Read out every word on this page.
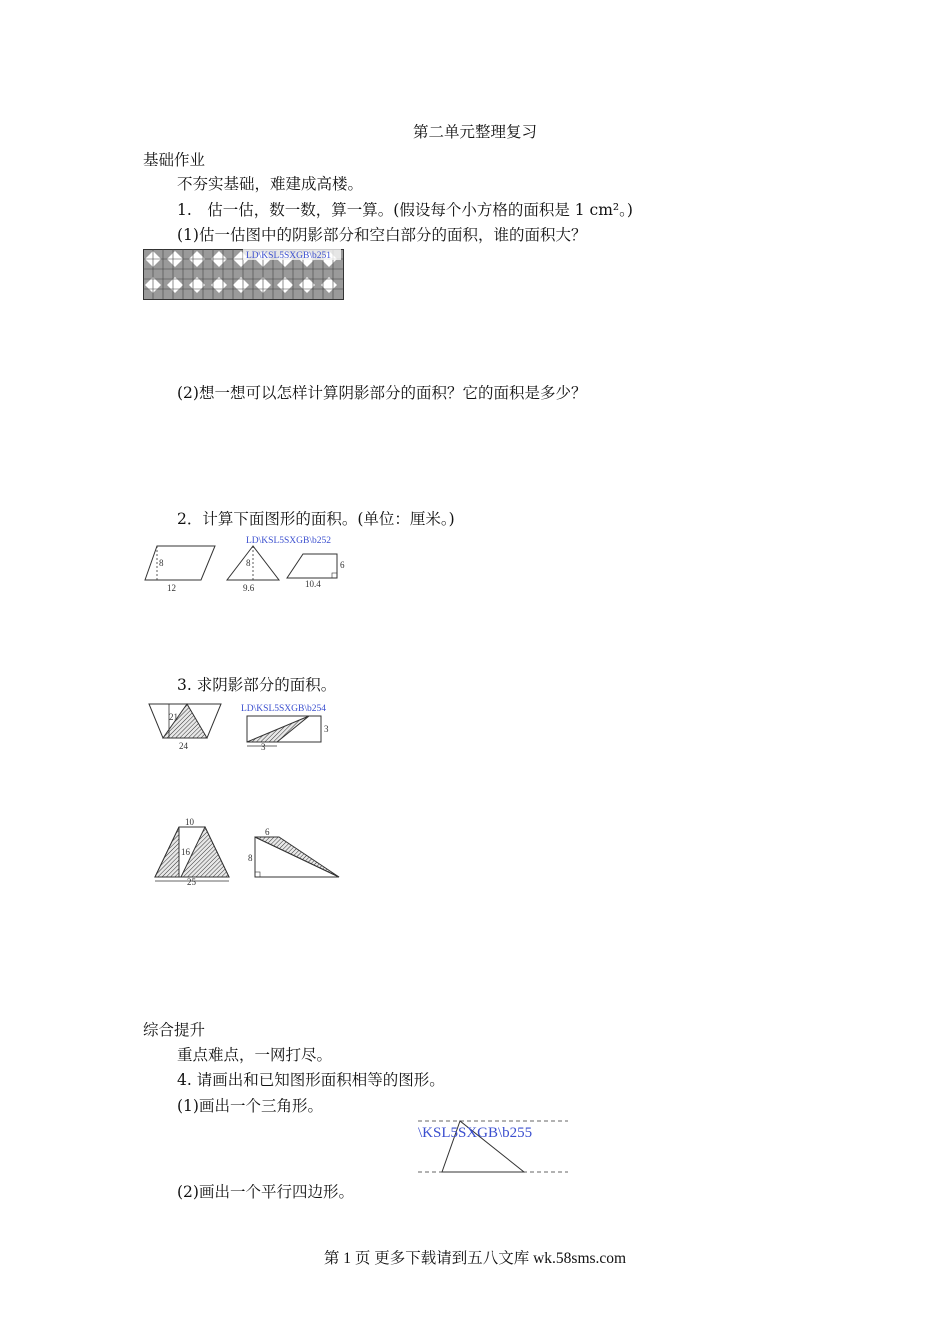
第二单元整理复习
基础作业
不夯实基础，难建成高楼。
1.　估一估，数一数，算一算。(假设每个小方格的面积是 1 cm²。)
(1)估一估图中的阴影部分和空白部分的面积，谁的面积大？
LD\KSL5SXGB\b251
(2)想一想可以怎样计算阴影部分的面积？它的面积是多少？
2．计算下面图形的面积。(单位：厘米。)
8
12
8
9.6
LD\KSL5SXGB\b252
6
10.4
3. 求阴影部分的面积。
21
24
3
3
LD\KSL5SXGB\b254
10
16
25
6
8
综合提升
重点难点，一网打尽。
4. 请画出和已知图形面积相等的图形。
(1)画出一个三角形。
\KSL5SXGB\b255
(2)画出一个平行四边形。
第 1 页 更多下载请到五八文库 wk.58sms.com
